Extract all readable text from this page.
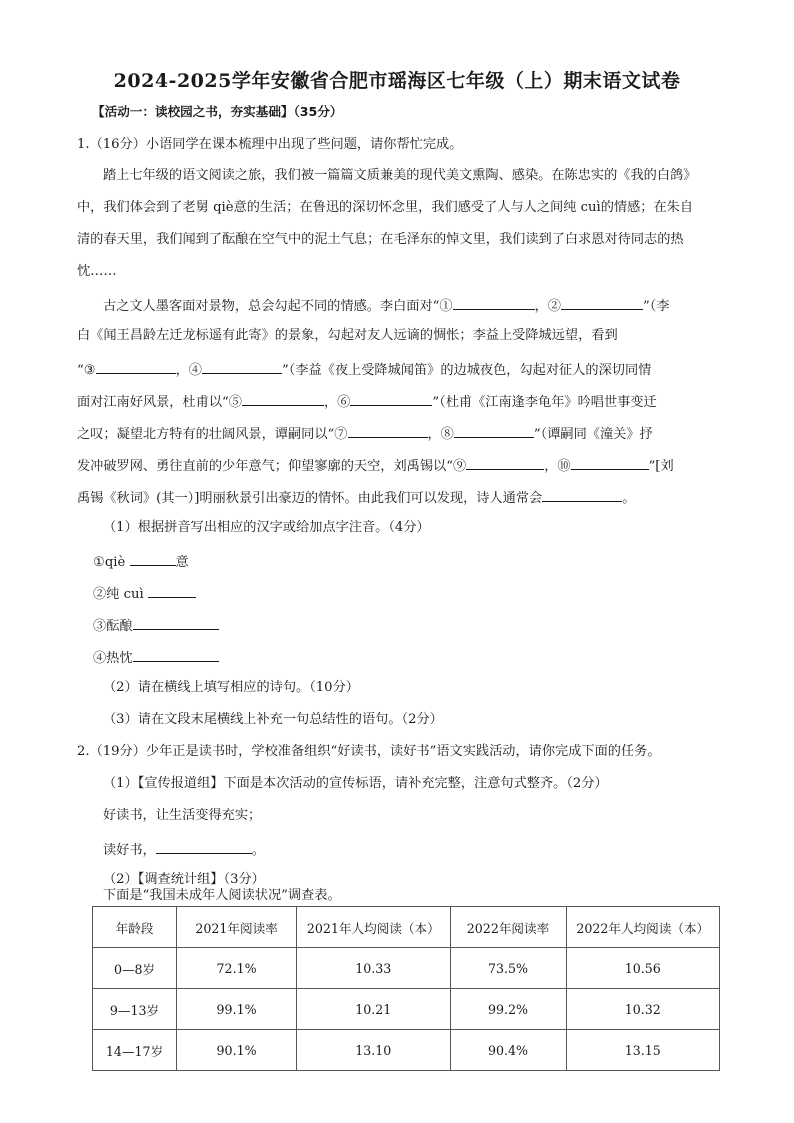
2024-2025学年安徽省合肥市瑶海区七年级（上）期末语文试卷
【活动一：读校园之书，夯实基础】（35分）
1.（16分）小语同学在课本梳理中出现了些问题，请你帮忙完成。
踏上七年级的语文阅读之旅，我们被一篇篇文质兼美的现代美文熏陶、感染。在陈忠实的《我的白鸽》
中，我们体会到了老舅 qiè意的生活；在鲁迅的深切怀念里，我们感受了人与人之间纯 cuì的情感；在朱自
清的春天里，我们闻到了酝酿在空气中的泥土气息；在毛泽东的悼文里，我们读到了白求恩对待同志的热
忱……
古之文人墨客面对景物，总会勾起不同的情感。李白面对“①	，②	”（李
白《闻王昌龄左迁龙标遥有此寄》的景象，勾起对友人远谪的惆怅；李益上受降城远望，看到
“③	，④	”（李益《夜上受降城闻笛》的边城夜色，勾起对征人的深切同情
面对江南好风景，杜甫以“⑤	，⑥	”（杜甫《江南逢李龟年》吟唱世事变迁
之叹；凝望北方特有的壮阔风景，谭嗣同以“⑦	，⑧	”（谭嗣同《潼关》抒
发冲破罗网、勇往直前的少年意气；仰望寥廓的天空，刘禹锡以“⑨	，⑩	”[刘
禹锡《秋词》(其一）]明丽秋景引出豪迈的情怀。由此我们可以发现，诗人通常会	。
（1）根据拼音写出相应的汉字或给加点字注音。（4分）
①qiè	意
②纯 cuì
③酝酿
④热忱
（2）请在横线上填写相应的诗句。（10分）
（3）请在文段末尾横线上补充一句总结性的语句。（2分）
2.（19分）少年正是读书时，学校准备组织“好读书，读好书”语文实践活动，请你完成下面的任务。
（1）【宣传报道组】下面是本次活动的宣传标语，请补充完整，注意句式整齐。（2分）
好读书，让生活变得充实；
读好书，	。
（2）【调查统计组】（3分）
下面是“我国未成年人阅读状况”调查表。
年龄段	2021年阅读率	2021年人均阅读（本）	2022年阅读率	2022年人均阅读（本）
0—8岁	72.1%	10.33	73.5%	10.56
9—13岁	99.1%	10.21	99.2%	10.32
14—17岁	90.1%	13.10	90.4%	13.15
